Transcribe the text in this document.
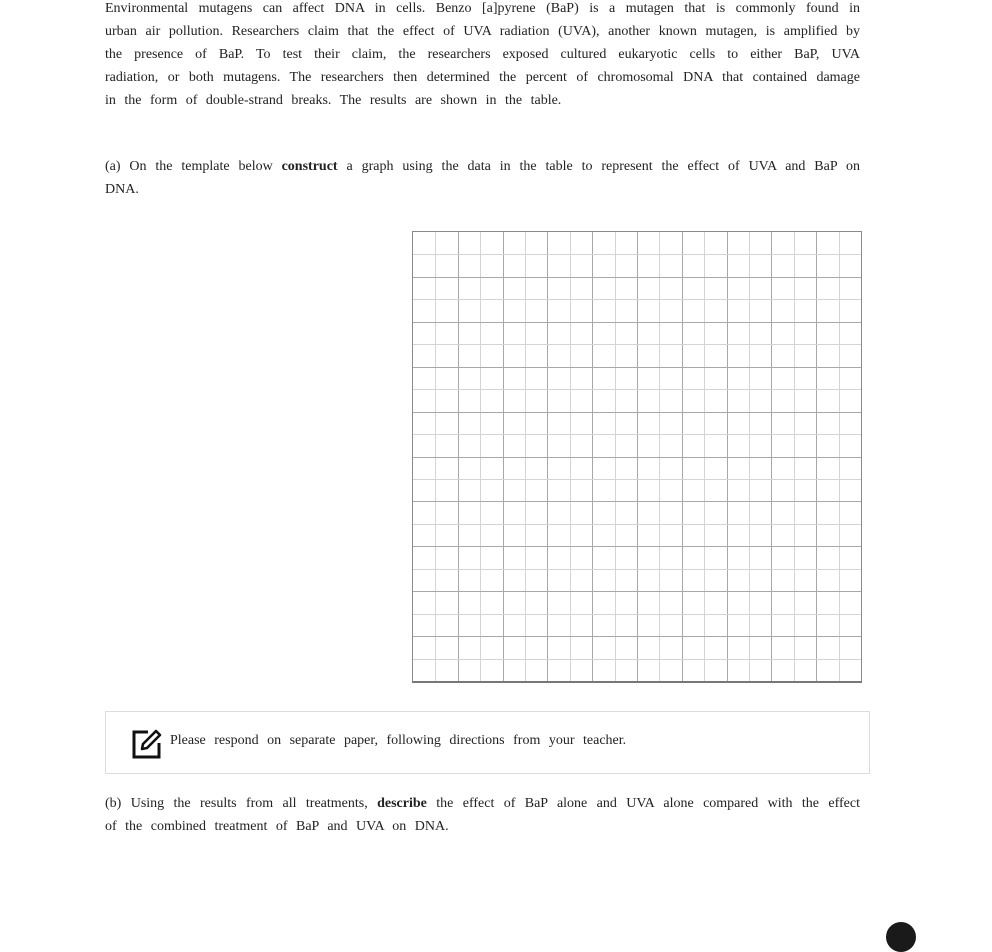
Environmental mutagens can affect DNA in cells. Benzo [a]pyrene (BaP) is a mutagen that is commonly found in urban air pollution. Researchers claim that the effect of UVA radiation (UVA), another known mutagen, is amplified by the presence of BaP. To test their claim, the researchers exposed cultured eukaryotic cells to either BaP, UVA radiation, or both mutagens. The researchers then determined the percent of chromosomal DNA that contained damage in the form of double-strand breaks. The results are shown in the table.

(a) On the template below construct a graph using the data in the table to represent the effect of UVA and BaP on DNA.

Please respond on separate paper, following directions from your teacher.

(b) Using the results from all treatments, describe the effect of BaP alone and UVA alone compared with the effect of the combined treatment of BaP and UVA on DNA.
